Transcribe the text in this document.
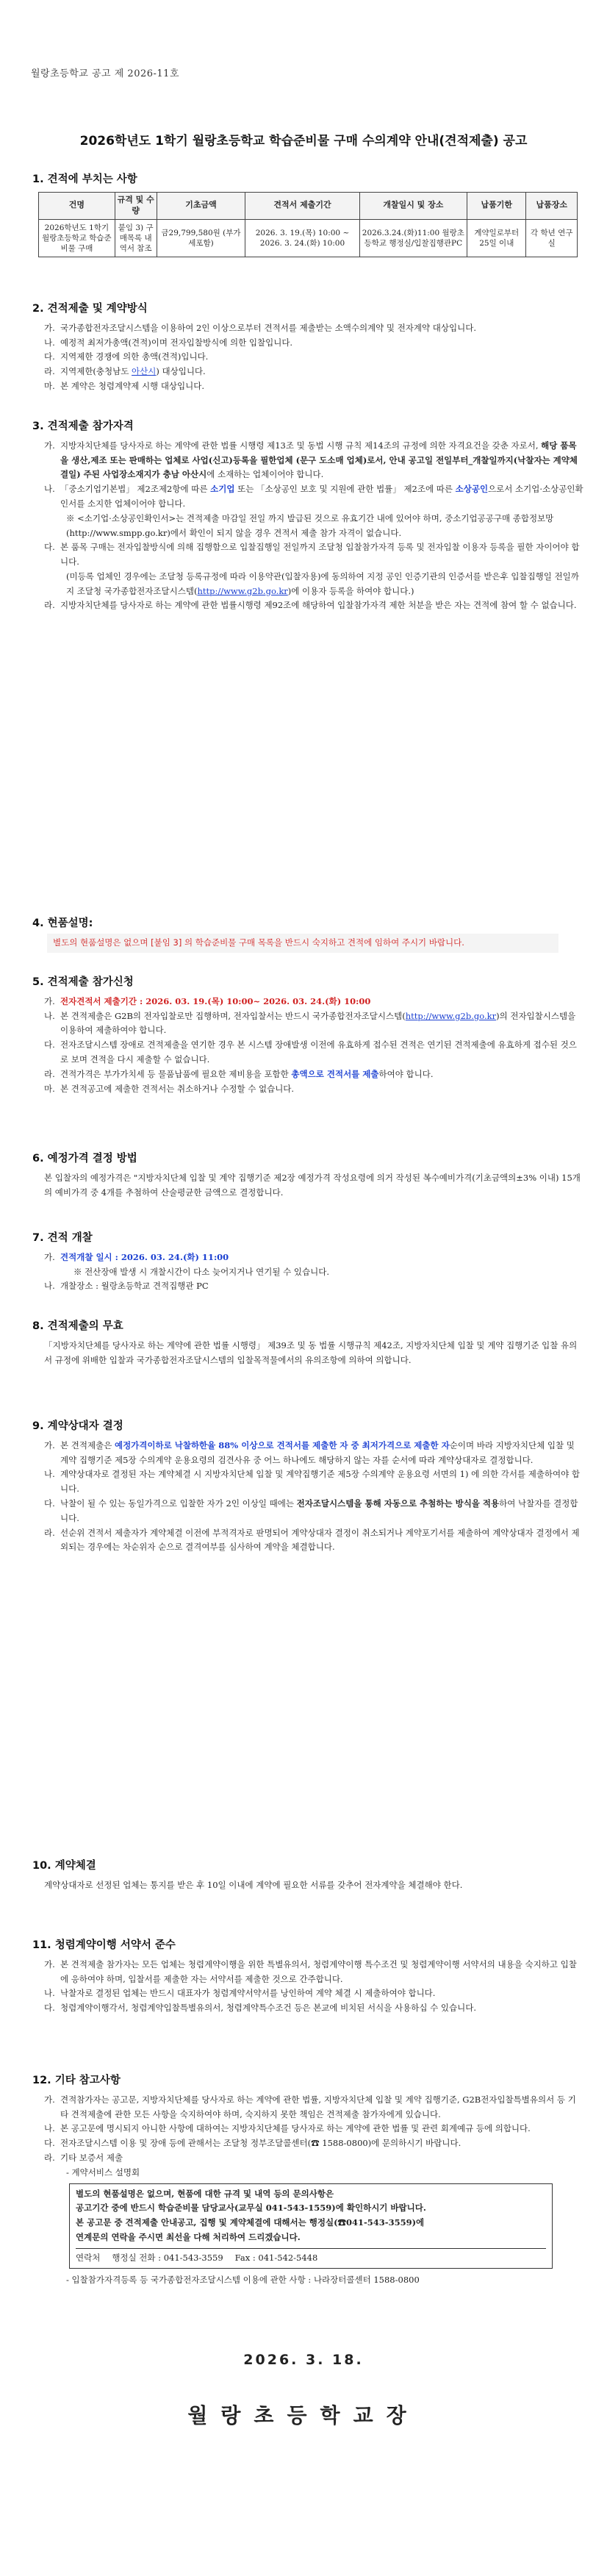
월랑초등학교 공고 제 2026-11호
2026학년도 1학기 월랑초등학교 학습준비물 구매 수의계약 안내(견적제출) 공고
1. 견적에 부치는 사항
건명	규격 및 수량	기초금액	견적서 제출기간	개찰일시 및 장소	납품기한	납품장소
2026학년도 1학기 월랑초등학교 학습준비물 구매	붙임 3) 구매목록 내역서 참조	금29,799,580원 (부가세포함)	2026. 3. 19.(목) 10:00 ~ 2026. 3. 24.(화) 10:00	2026.3.24.(화)11:00 월랑초등학교 행정실/입찰집행관PC	계약일로부터 25일 이내	각 학년 연구실
2. 견적제출 및 계약방식
가. 국가종합전자조달시스템을 이용하여 2인 이상으로부터 견적서를 제출받는 소액수의계약 및 전자계약 대상입니다.
나. 예정적 최저가총액(견적)이며 전자입찰방식에 의한 입찰입니다.
다. 지역제한 경쟁에 의한 총액(견적)입니다.
라. 지역제한(충청남도 아산시) 대상입니다.
마. 본 계약은 청렴계약제 시행 대상입니다.
3. 견적제출 참가자격
가. 지방자치단체를 당사자로 하는 계약에 관한 법률 시행령 제13조 및 동법 시행 규칙 제14조의 규정에 의한 자격요건을 갖춘 자로서, 해당 품목을 생산,제조 또는 판매하는 업체로 사업(신고)등록을 필한업체 (문구 도소매 업체)로서, 안내 공고일 전일부터_개찰일까지(낙찰자는 계약체결일) 주된 사업장소재지가 충남 아산시에 소재하는 업체이어야 합니다.
나. 「중소기업기본법」 제2조제2항에 따른 소기업 또는 「소상공인 보호 및 지원에 관한 법률」 제2조에 따른 소상공인으로서 소기업·소상공인확인서를 소지한 업체이어야 합니다.
※ <소기업·소상공인확인서>는 견적제출 마감일 전일 까지 발급된 것으로 유효기간 내에 있어야 하며, 중소기업공공구매 종합정보망(http://www.smpp.go.kr)에서 확인이 되지 않을 경우 견적서 제출 참가 자격이 없습니다.
다. 본 품목 구매는 전자입찰방식에 의해 집행함으로 입찰집행일 전일까지 조달청 입찰참가자격 등록 및 전자입찰 이용자 등록을 필한 자이어야 합니다.
(미등록 업체인 경우에는 조달청 등록규정에 따라 이용약관(입찰자용)에 동의하여 지정 공인 인증기관의 인증서를 받은후 입찰집행일 전일까지 조달청 국가종합전자조달시스템(http://www.g2b.go.kr)에 이용자 등록을 하여야 합니다.)
라. 지방자치단체를 당사자로 하는 계약에 관한 법률시행령 제92조에 해당하여 입찰참가자격 제한 처분을 받은 자는 견적에 참여 할 수 없습니다.
4. 현품설명:
별도의 현품설명은 없으며 [붙임 3] 의 학습준비물 구매 목록을 반드시 숙지하고 견적에 임하여 주시기 바랍니다.
5. 견적제출 참가신청
가. 전자견적서 제출기간 : 2026. 03. 19.(목) 10:00~ 2026. 03. 24.(화) 10:00
나. 본 견적제출은 G2B의 전자입찰로만 집행하며, 전자입찰서는 반드시 국가종합전자조달시스템(http://www.g2b.go.kr)의 전자입찰시스템을 이용하여 제출하여야 합니다.
다. 전자조달시스템 장애로 견적제출을 연기한 경우 본 시스템 장애발생 이전에 유효하게 접수된 견적은 연기된 견적제출에 유효하게 접수된 것으로 보며 견적을 다시 제출할 수 없습니다.
라. 견적가격은 부가가치세 등 물품납품에 필요한 제비용을 포함한 총액으로 견적서를 제출하여야 합니다.
마. 본 견적공고에 제출한 견적서는 취소하거나 수정할 수 없습니다.
6. 예정가격 결정 방법
본 입찰자의 예정가격은 "지방자치단체 입찰 및 계약 집행기준 제2장 예정가격 작성요령에 의거 작성된 복수예비가격(기초금액의±3% 이내) 15개의 예비가격 중 4개를 추첨하여 산술평균한 금액으로 결정합니다.
7. 견적 개찰
가. 견적개찰 일시 : 2026. 03. 24.(화) 11:00
※ 전산장애 발생 시 개찰시간이 다소 늦어지거나 연기될 수 있습니다.
나. 개찰장소 : 월랑초등학교 견적집행관 PC
8. 견적제출의 무효
「지방자치단체를 당사자로 하는 계약에 관한 법률 시행령」 제39조 및 동 법률 시행규칙 제42조, 지방자치단체 입찰 및 계약 집행기준 입찰 유의서 규정에 위배한 입찰과 국가종합전자조달시스템의 입찰목적물에서의 유의조항에 의하여 의합니다.
9. 계약상대자 결정
가. 본 견적제출은 예정가격이하로 낙찰하한율 88% 이상으로 견적서를 제출한 자 중 최저가격으로 제출한 자순이며 바라 지방자치단체 입찰 및 계약 집행기준 제5장 수의계약 운용요령의 검견사유 중 어느 하나에도 해당하지 않는 자를 순서에 따라 계약상대자로 결정합니다.
나. 계약상대자로 결정된 자는 계약체결 시 지방자치단체 입찰 및 계약집행기준 제5장 수의계약 운용요령 서면의 1) 에 의한 각서를 제출하여야 합니다.
다. 낙찰이 될 수 있는 동일가격으로 입찰한 자가 2인 이상일 때에는 전자조달시스템을 통해 자동으로 추첨하는 방식을 적용하여 낙찰자를 결정합니다.
라. 선순위 견적서 제출자가 계약체결 이전에 부적격자로 판명되어 계약상대자 결정이 취소되거나 계약포기서를 제출하여 계약상대자 결정에서 제외되는 경우에는 차순위자 순으로 결격여부를 심사하여 계약을 체결합니다.
10. 계약체결
계약상대자로 선정된 업체는 통지를 받은 후 10일 이내에 계약에 필요한 서류를 갖추어 전자계약을 체결해야 한다.
11. 청렴계약이행 서약서 준수
가. 본 견적제출 참가자는 모든 업체는 청렴계약이행을 위한 특별유의서, 청렴계약이행 특수조건 및 청렴계약이행 서약서의 내용을 숙지하고 입찰에 응하여야 하며, 입찰서를 제출한 자는 서약서를 제출한 것으로 간주합니다.
나. 낙찰자로 결정된 업체는 반드시 대표자가 청렴계약서약서를 낭인하여 계약 체결 시 제출하여야 합니다.
다. 청렴계약이행각서, 청렴계약입찰특별유의서, 청렴계약특수조건 등은 본교에 비치된 서식을 사용하십 수 있습니다.
12. 기타 참고사항
가. 견적참가자는 공고문, 지방자치단체를 당사자로 하는 계약에 관한 법률, 지방자치단체 입찰 및 계약 집행기준, G2B전자입찰특별유의서 등 기타 견적제출에 관한 모든 사항을 숙지하여야 하며, 숙지하지 못한 책임은 견적제출 참가자에게 있습니다.
나. 본 공고문에 명시되지 아니한 사항에 대하여는 지방자치단체를 당사자로 하는 계약에 관한 법률 및 관련 회계예규 등에 의합니다.
다. 전자조달시스템 이용 및 장애 등에 관해서는 조달청 정부조달콜센터(☎ 1588-0800)에 문의하시기 바랍니다.
라. 기타 보증서 제출
- 계약서비스 설명회
별도의 현품설명은 없으며, 현품에 대한 규격 및 내역 등의 문의사항은
공고기간 중에 반드시 학습준비물 담당교사(교무실 041-543-1559)에 확인하시기 바랍니다.
본 공고문 중 견적제출 안내공고, 집행 및 계약체결에 대해서는 행정실(☎041-543-3559)에
연계문의 연락을 주시면 최선을 다해 처리하여 드리겠습니다.
연락처 행정실 전화 : 041-543-3559 Fax : 041-542-5448
- 입찰참가자격등록 등 국가종합전자조달시스템 이용에 관한 사항 : 나라장터콜센터 1588-0800
2026. 3. 18.
월랑초등학교장
